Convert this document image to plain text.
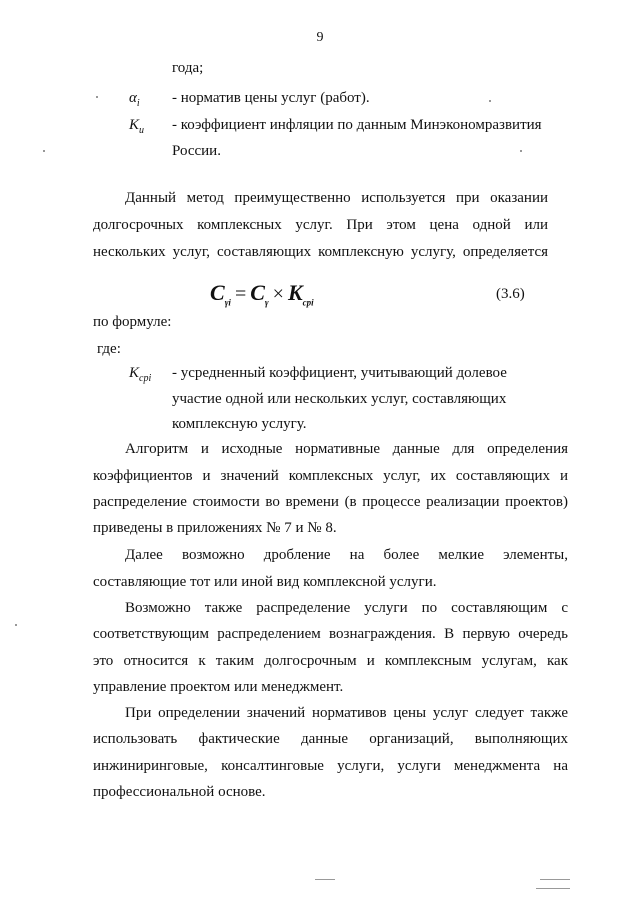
9
года;
$\alpha_i$ - норматив цены услуг (работ).
$K_и$ - коэффициент инфляции по данным Минэкономразвития
России.
Данный метод преимущественно используется при оказании
долгосрочных комплексных услуг. При этом цена одной или
нескольких услуг, составляющих комплексную услугу, определяется
$C_{\gamma i} = C_\gamma \times K_{cpi}$
(3.6)
по формуле:
где:
$K_{cpi}$ - усредненный коэффициент, учитывающий долевое
участие одной или нескольких услуг, составляющих
комплексную услугу.
Алгоритм и исходные нормативные данные для определения
коэффициентов и значений комплексных услуг, их составляющих и
распределение стоимости во времени (в процессе реализации проектов)
приведены в приложениях № 7 и № 8.
Далее возможно дробление на более мелкие элементы,
составляющие тот или иной вид комплексной услуги.
Возможно также распределение услуги по составляющим с
соответствующим распределением вознаграждения. В первую очередь
это относится к таким долгосрочным и комплексным услугам, как
управление проектом или менеджмент.
При определении значений нормативов цены услуг следует также
использовать фактические данные организаций, выполняющих
инжиниринговые, консалтинговые услуги, услуги менеджмента на
профессиональной основе.
